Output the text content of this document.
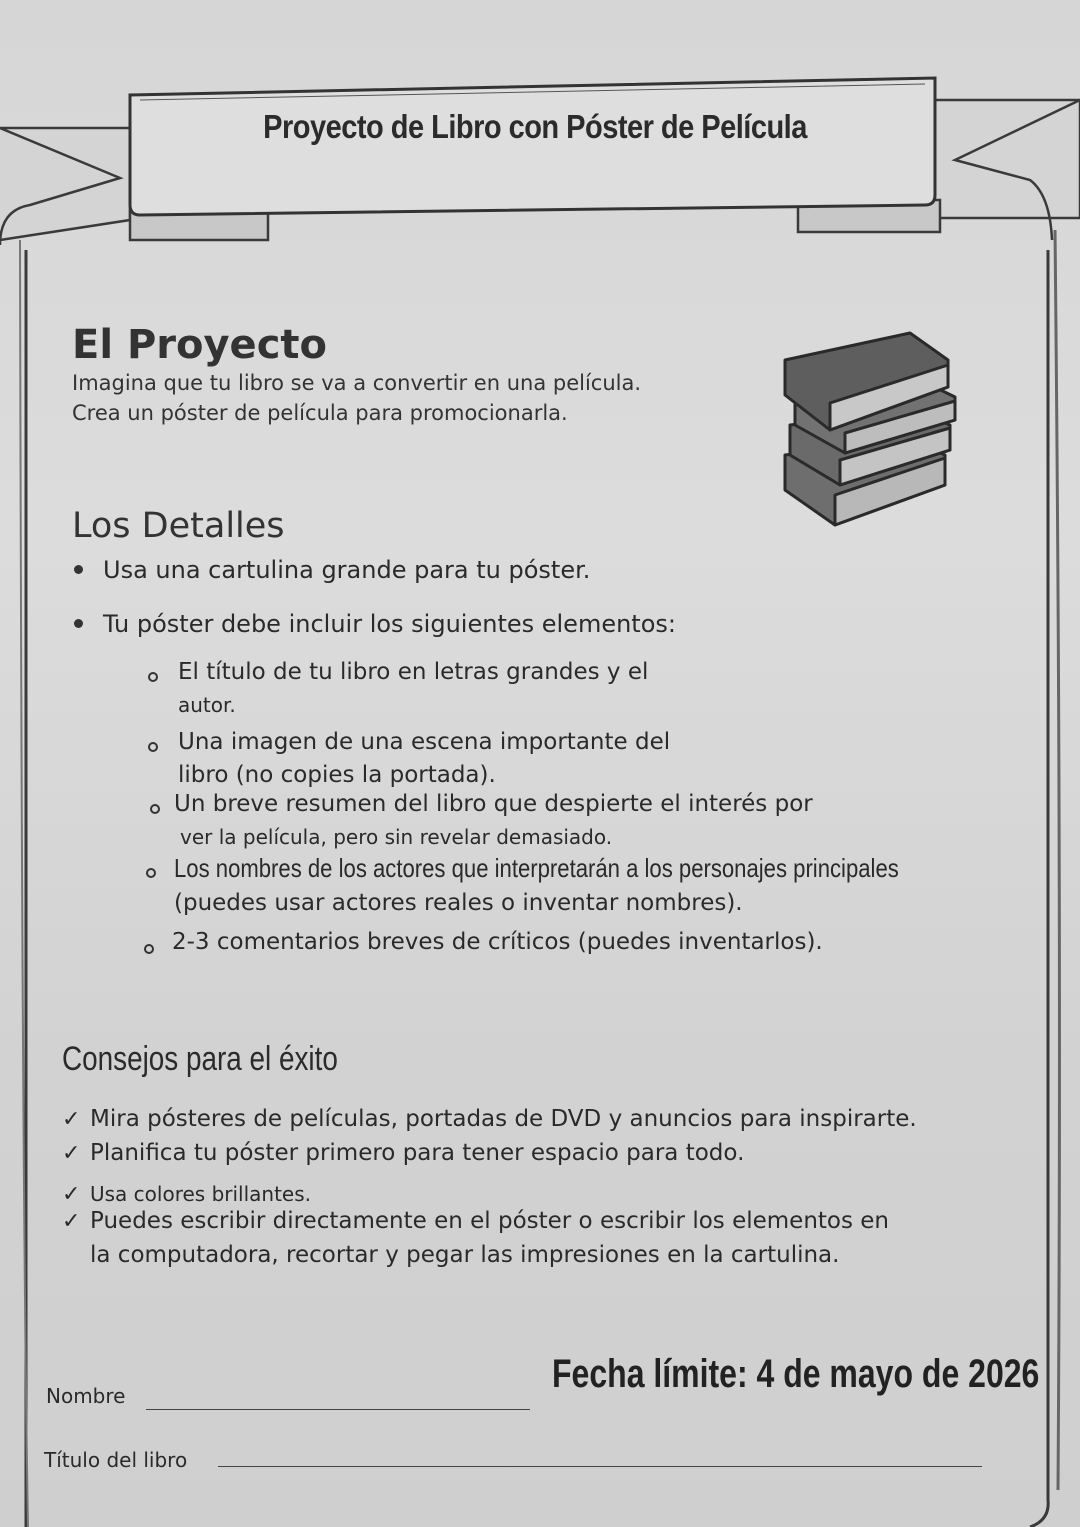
Proyecto de Libro con Póster de Película
El Proyecto
Imagina que tu libro se va a convertir en una película.
Crea un póster de película para promocionarla.
Los Detalles
Usa una cartulina grande para tu póster.
Tu póster debe incluir los siguientes elementos:
El título de tu libro en letras grandes y el
autor.
Una imagen de una escena importante del
libro (no copies la portada).
Un breve resumen del libro que despierte el interés por
ver la película, pero sin revelar demasiado.
Los nombres de los actores que interpretarán a los personajes principales
(puedes usar actores reales o inventar nombres).
2-3 comentarios breves de críticos (puedes inventarlos).
Consejos para el éxito
✓ Mira pósteres de películas, portadas de DVD y anuncios para inspirarte.
✓ Planifica tu póster primero para tener espacio para todo.
✓ Usa colores brillantes.
✓ Puedes escribir directamente en el póster o escribir los elementos en
la computadora, recortar y pegar las impresiones en la cartulina.
Nombre	Fecha límite: 4 de mayo de 2026
Título del libro
